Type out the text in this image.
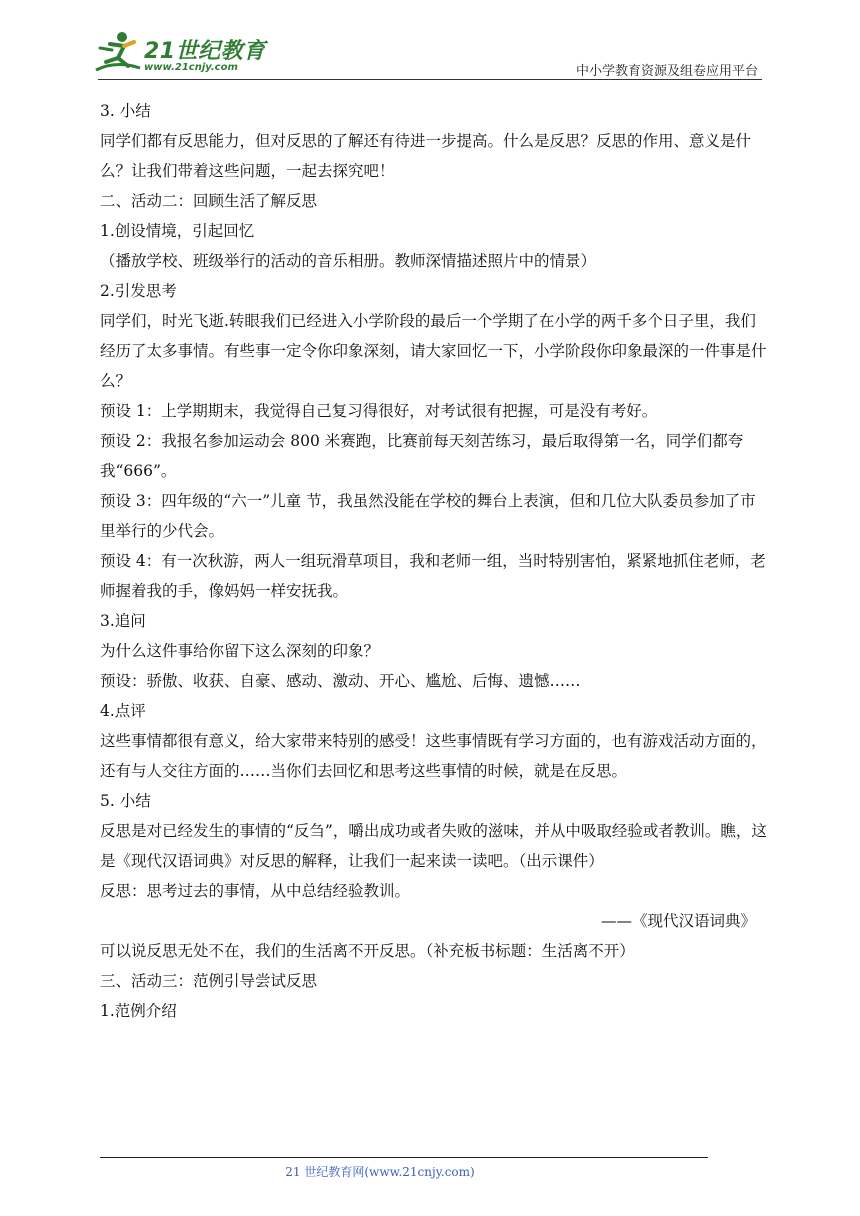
21世纪教育
www.21cnjy.com	中小学教育资源及组卷应用平台

3. 小结

同学们都有反思能力，但对反思的了解还有待进一步提高。什么是反思？反思的作用、意义是什么？让我们带着这些问题，一起去探究吧！

二、活动二：回顾生活了解反思

1.创设情境，引起回忆

（播放学校、班级举行的活动的音乐相册。教师深情描述照片中的情景）

2.引发思考

同学们，时光飞逝.转眼我们已经进入小学阶段的最后一个学期了在小学的两千多个日子里，我们经历了太多事情。有些事一定令你印象深刻，请大家回忆一下，小学阶段你印象最深的一件事是什么？

预设 1：上学期期末，我觉得自己复习得很好，对考试很有把握，可是没有考好。

预设 2：我报名参加运动会 800 米赛跑，比赛前每天刻苦练习，最后取得第一名，同学们都夸我“666”。

预设 3：四年级的“六一”儿童 节，我虽然没能在学校的舞台上表演，但和几位大队委员参加了市里举行的少代会。

预设 4：有一次秋游，两人一组玩滑草项目，我和老师一组，当时特别害怕，紧紧地抓住老师，老师握着我的手，像妈妈一样安抚我。

3.追问

为什么这件事给你留下这么深刻的印象？

预设：骄傲、收获、自豪、感动、激动、开心、尴尬、后悔、遗憾……

4.点评

这些事情都很有意义，给大家带来特别的感受！这些事情既有学习方面的，也有游戏活动方面的，还有与人交往方面的……当你们去回忆和思考这些事情的时候，就是在反思。

5. 小结

反思是对已经发生的事情的“反刍”，嚼出成功或者失败的滋味，并从中吸取经验或者教训。瞧，这是《现代汉语词典》对反思的解释，让我们一起来读一读吧。（出示课件）

反思：思考过去的事情，从中总结经验教训。

——《现代汉语词典》

可以说反思无处不在，我们的生活离不开反思。（补充板书标题：生活离不开）

三、活动三：范例引导尝试反思

1.范例介绍

21 世纪教育网(www.21cnjy.com)
